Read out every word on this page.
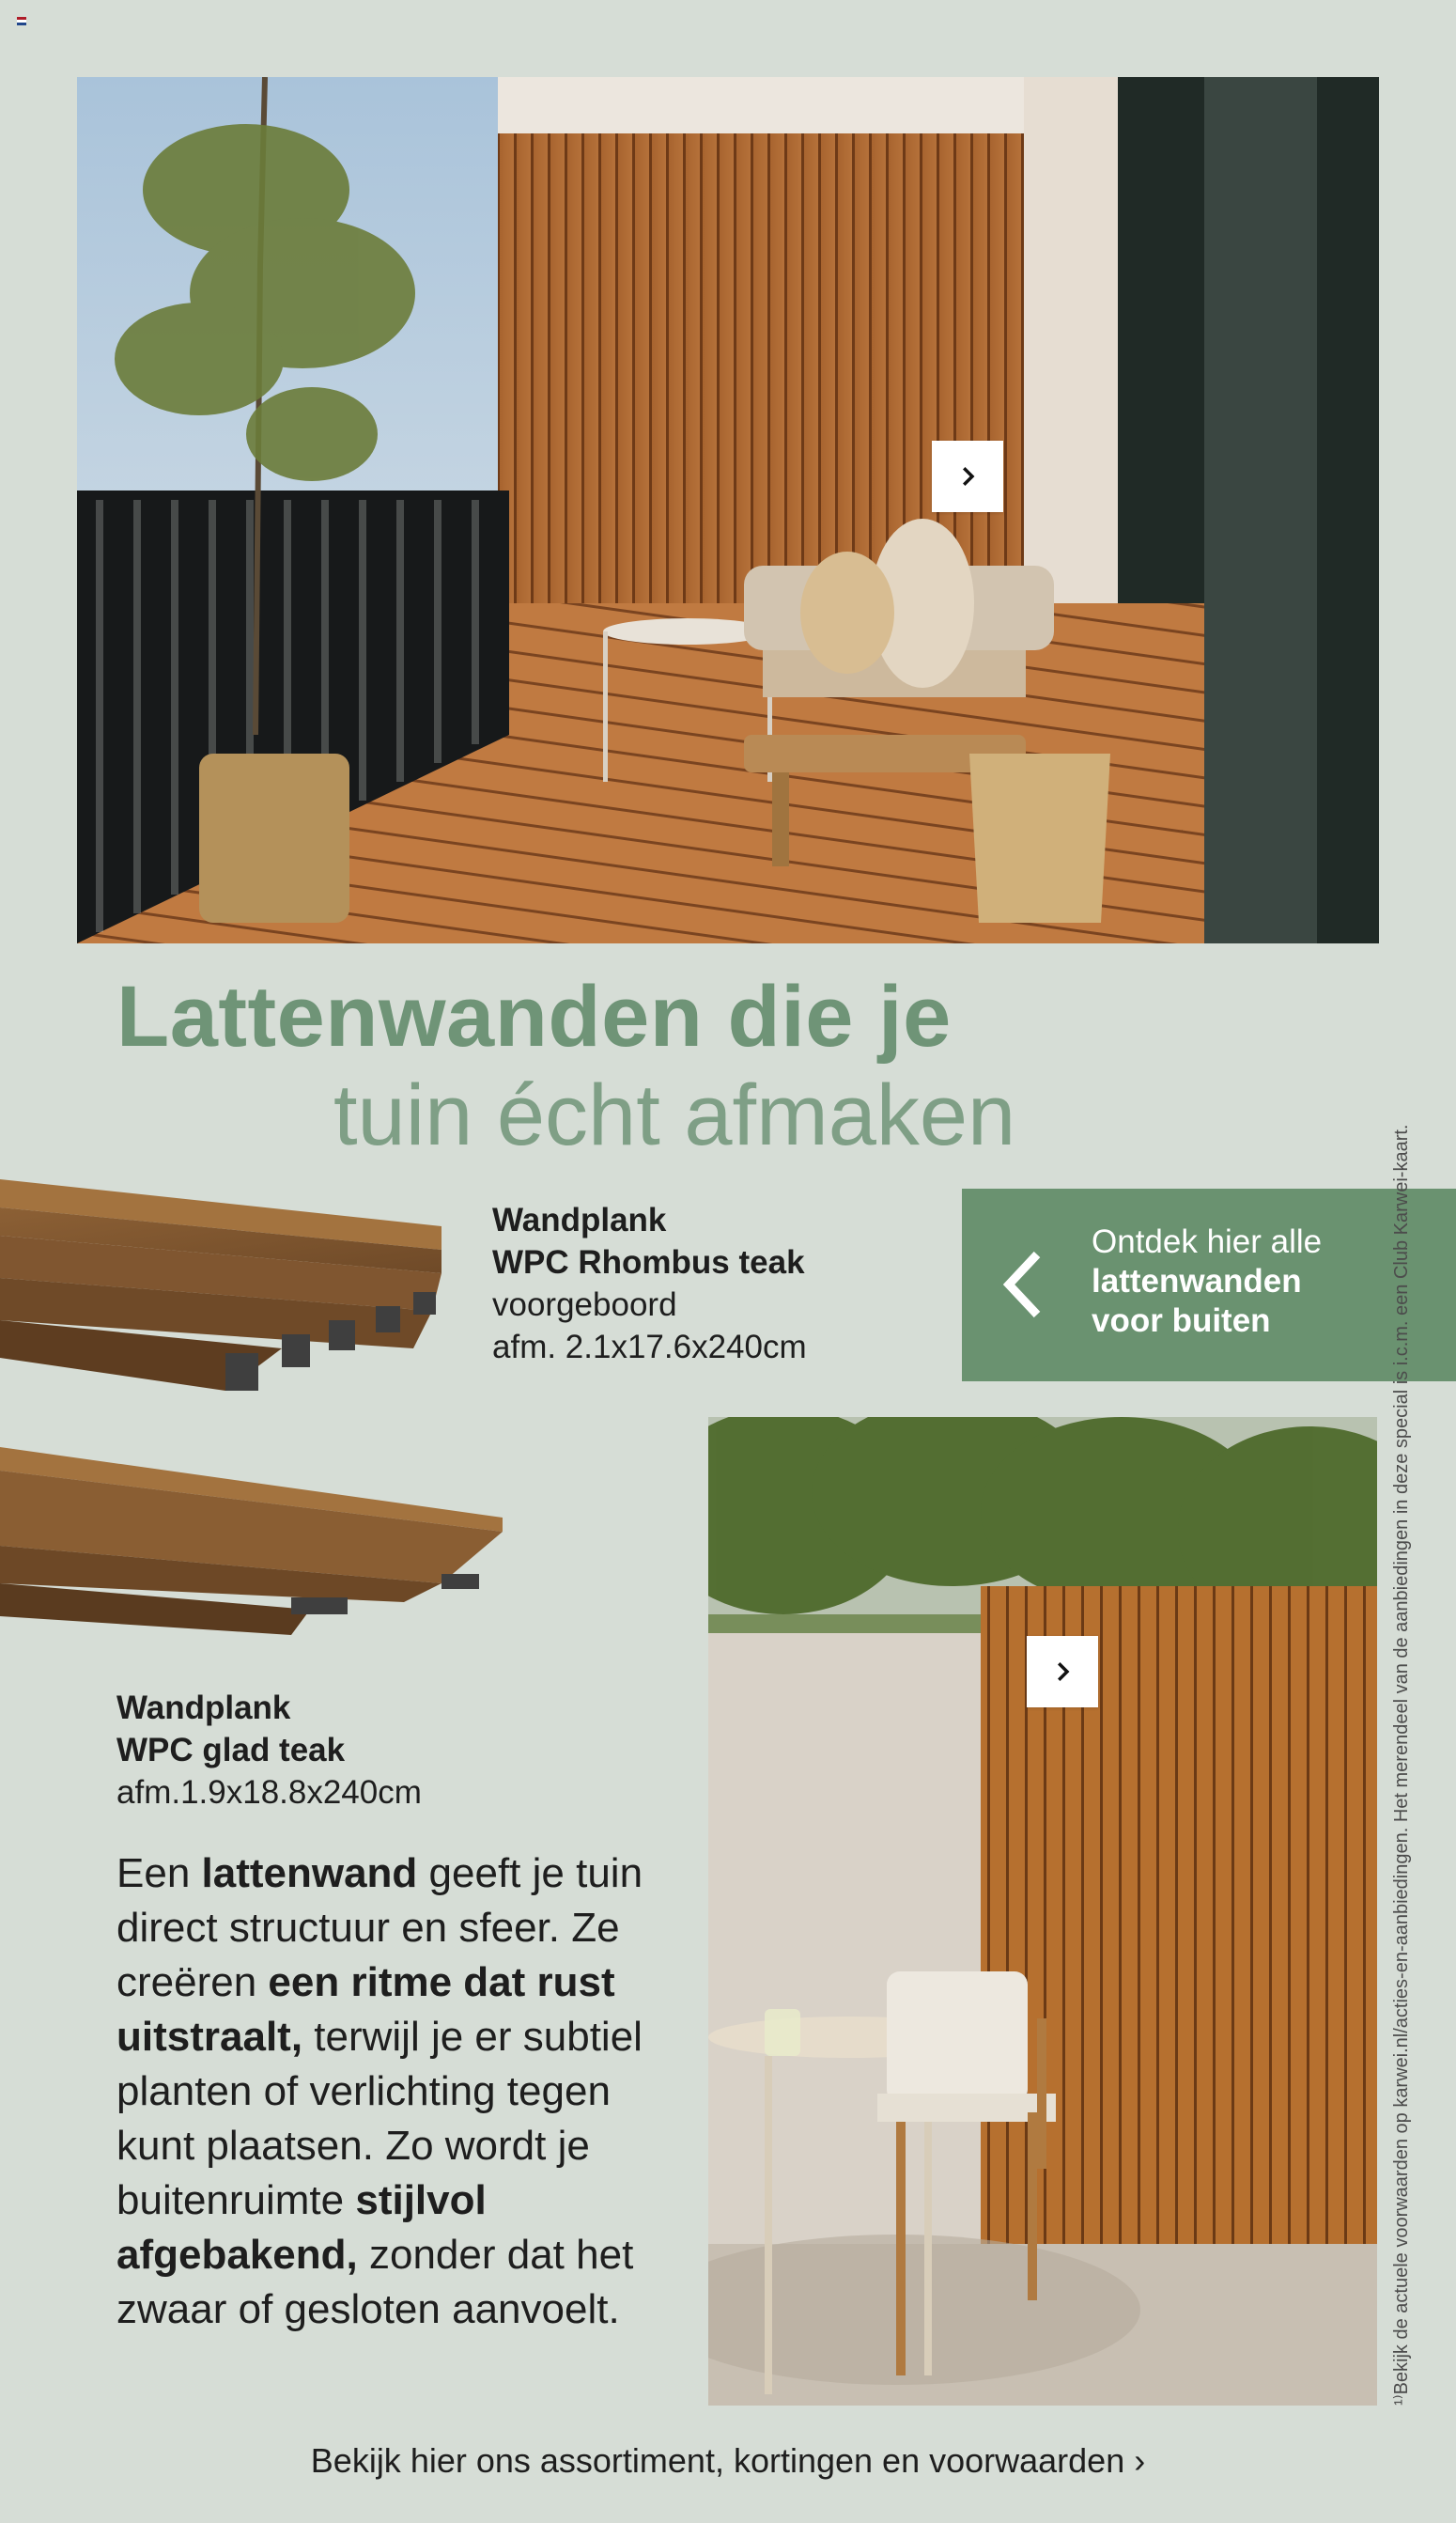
Lattenwanden die je
tuin écht afmaken
Wandplank
WPC Rhombus teak
voorgeboord
afm. 2.1x17.6x240cm
Ontdek hier alle
lattenwanden
voor buiten
Wandplank
WPC glad teak
afm.1.9x18.8x240cm
Een lattenwand geeft je tuin direct structuur en sfeer. Ze creëren een ritme dat rust uitstraalt, terwijl je er subtiel planten of verlichting tegen kunt plaatsen. Zo wordt je buitenruimte stijlvol afgebakend, zonder dat het zwaar of gesloten aanvoelt.	¹⁾Bekijk de actuele voorwaarden op karwei.nl/acties-en-aanbiedingen. Het merendeel van de aanbiedingen in deze special is i.c.m. een Club Karwei-kaart.
Bekijk hier ons assortiment, kortingen en voorwaarden ›
